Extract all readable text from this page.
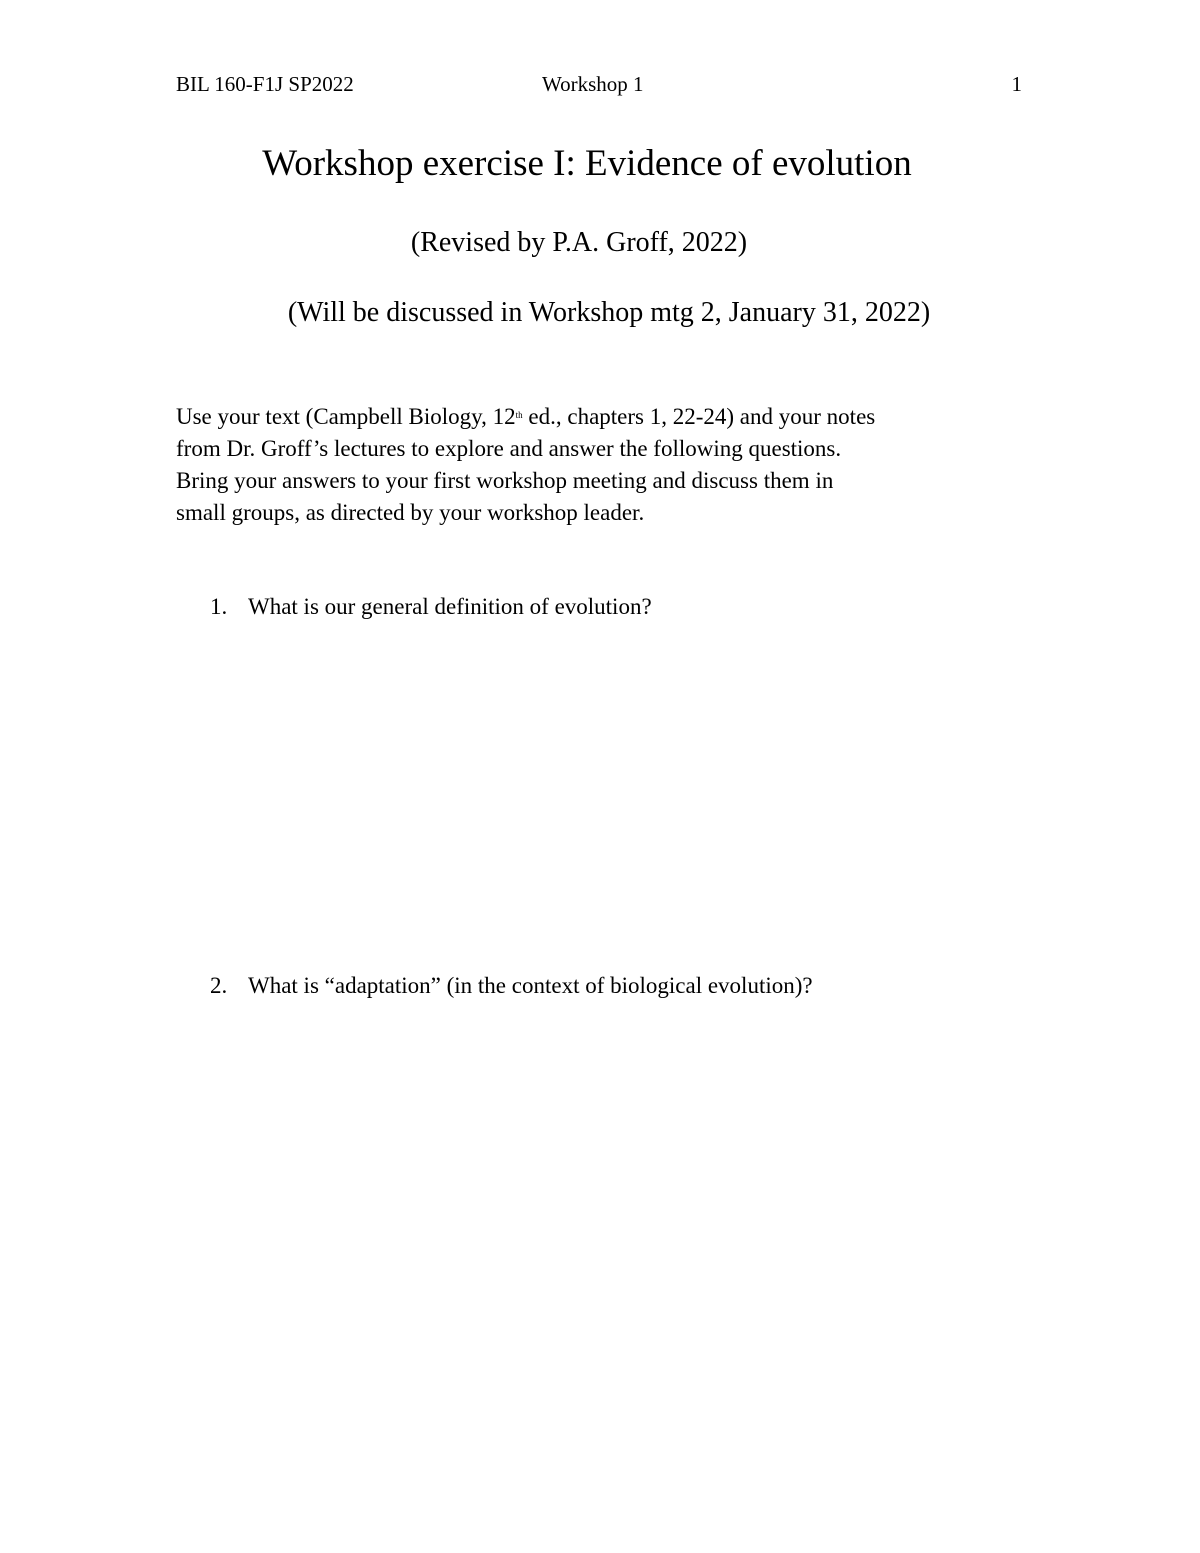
BIL 160-F1J SP2022	Workshop 1	1
Workshop exercise I: Evidence of evolution
(Revised by P.A. Groff, 2022)
(Will be discussed in Workshop mtg 2, January 31, 2022)

Use your text (Campbell Biology, 12th ed., chapters 1, 22-24) and your notes

from Dr. Groff’s lectures to explore and answer the following questions.

Bring your answers to your first workshop meeting and discuss them in

small groups, as directed by your workshop leader.

1. What is our general definition of evolution?
2. What is “adaptation” (in the context of biological evolution)?
